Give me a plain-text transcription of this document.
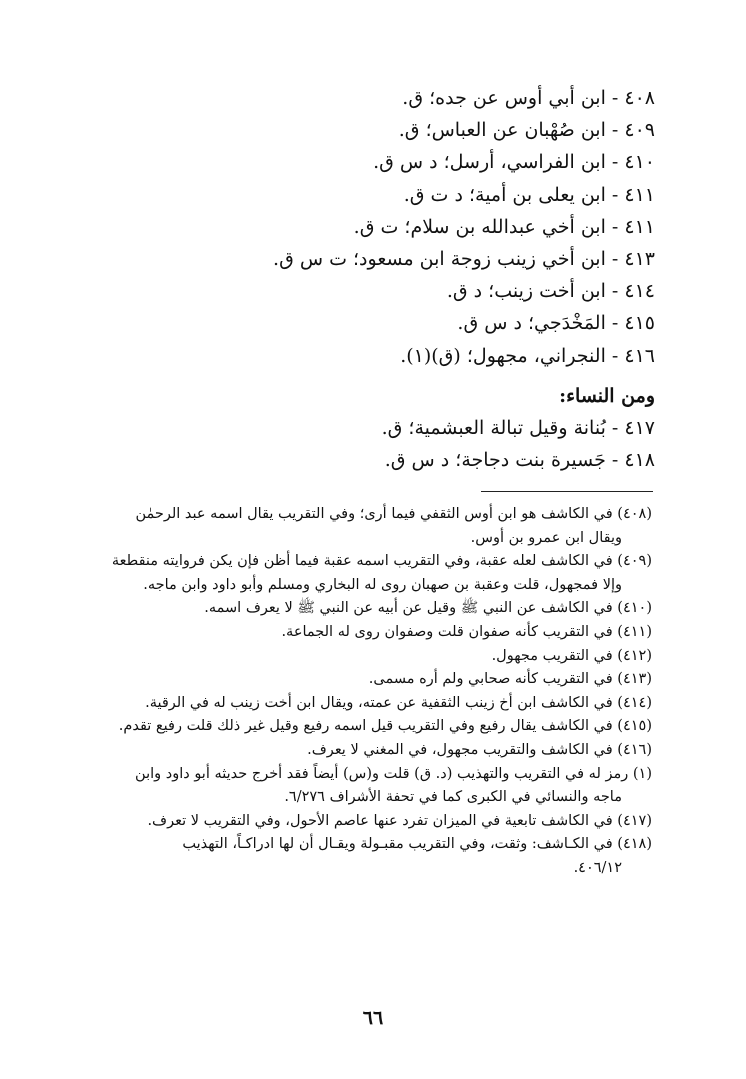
٤٠٨ - ابن أبي أوس عن جده؛ ق.
٤٠٩ - ابن صُهْبان عن العباس؛ ق.
٤١٠ - ابن الفراسي، أرسل؛ د س ق.
٤١١ - ابن يعلى بن أمية؛ د ت ق.
٤١١ - ابن أخي عبدالله بن سلام؛ ت ق.
٤١٣ - ابن أخي زينب زوجة ابن مسعود؛ ت س ق.
٤١٤ - ابن أخت زينب؛ د ق.
٤١٥ - المَخْدَجي؛ د س ق.
٤١٦ - النجراني، مجهول؛ (ق)(١).
ومن النساء:
٤١٧ - بُنانة وقيل تبالة العبشمية؛ ق.
٤١٨ - جَسيرة بنت دجاجة؛ د س ق.
(٤٠٨) في الكاشف هو ابن أوس الثقفي فيما أرى؛ وفي التقريب يقال اسمه عبد الرحمٰن
ويقال ابن عمرو بن أوس.
(٤٠٩) في الكاشف لعله عقبة، وفي التقريب اسمه عقبة فيما أظن فإن يكن فروايته منقطعة
وإلا فمجهول، قلت وعقبة بن صهبان روى له البخاري ومسلم وأبو داود وابن ماجه.
(٤١٠) في الكاشف عن النبي ﷺ وقيل عن أبيه عن النبي ﷺ لا يعرف اسمه.
(٤١١) في التقريب كأنه صفوان قلت وصفوان روى له الجماعة.
(٤١٢) في التقريب مجهول.
(٤١٣) في التقريب كأنه صحابي ولم أره مسمى.
(٤١٤) في الكاشف ابن أخ زينب الثقفية عن عمته، ويقال ابن أخت زينب له في الرقية.
(٤١٥) في الكاشف يقال رفيع وفي التقريب قيل اسمه رفيع وقيل غير ذلك قلت رفيع تقدم.
(٤١٦) في الكاشف والتقريب مجهول، في المغني لا يعرف.
(١) رمز له في التقريب والتهذيب (د. ق) قلت و(س) أيضاً فقد أخرج حديثه أبو داود وابن
ماجه والنسائي في الكبرى كما في تحفة الأشراف ٦/٢٧٦.
(٤١٧) في الكاشف تابعية في الميزان تفرد عنها عاصم الأحول، وفي التقريب لا تعرف.
(٤١٨) في الكـاشف: وثقت، وفي التقريب مقبـولة ويقـال أن لها ادراكـاً، التهذيب
٤٠٦/١٢.
٦٦
